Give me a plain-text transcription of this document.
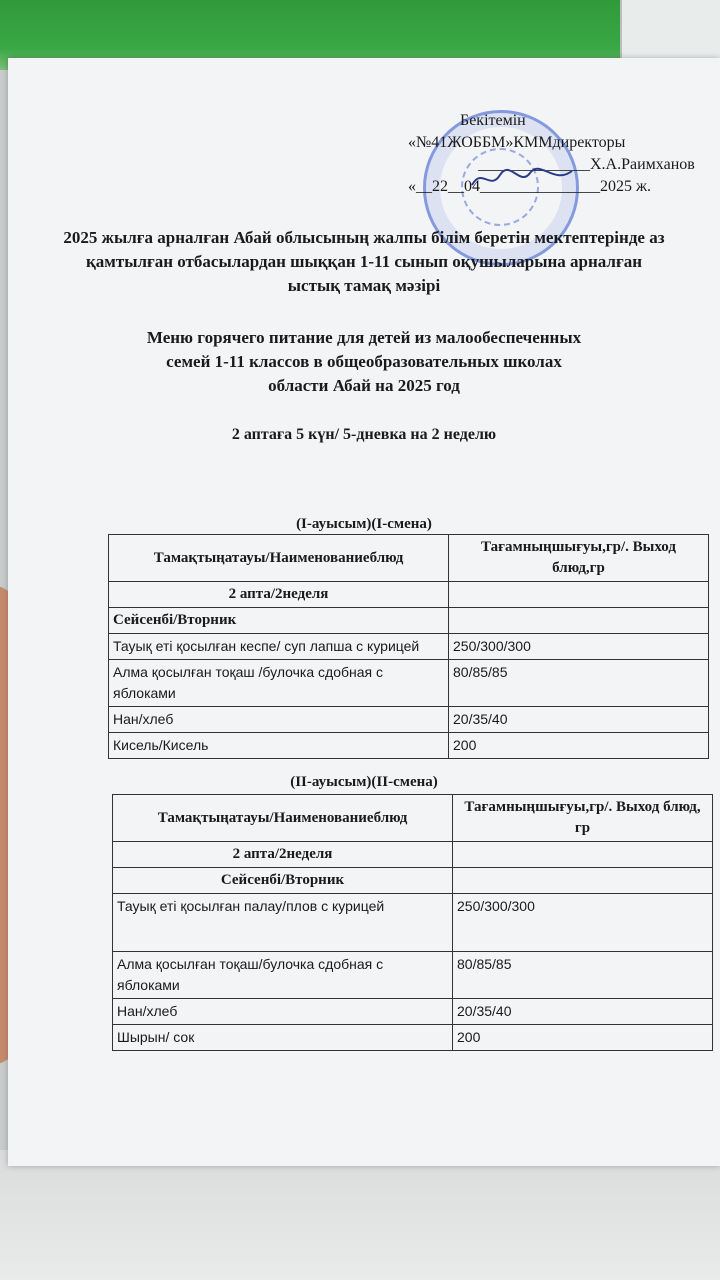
Бекітемін
«№41ЖОББМ»КММдиректоры
______________Х.А.Раимханов
«__22__04_______________2025 ж.
2025 жылға арналған Абай облысының жалпы білім беретін мектептерінде аз
қамтылған отбасылардан шыққан 1-11 сынып оқушыларына арналған
ыстық тамақ мәзірі
Меню горячего питание для детей из малообеспеченных
семей 1-11 классов в общеобразовательных школах
области Абай на 2025 год
2 аптаға 5 күн/ 5-дневка на 2 неделю
(І-ауысым)(І-смена)
Тамақтыңатауы/Наименованиеблюд	Тағамныңшығуы,гр/. Выход блюд,гр
2 апта/2неделя	
Сейсенбі/Вторник	
Тауық еті қосылған кеспе/ суп лапша с курицей	250/300/300
Алма қосылған тоқаш /булочка сдобная с яблоками	80/85/85
Нан/хлеб	20/35/40
Кисель/Кисель	200
(ІІ-ауысым)(ІІ-смена)
Тамақтыңатауы/Наименованиеблюд	Тағамныңшығуы,гр/. Выход блюд, гр
2 апта/2неделя	
Сейсенбі/Вторник	
Тауық еті қосылған палау/плов с курицей	250/300/300
Алма қосылған тоқаш/булочка сдобная с яблоками	80/85/85
Нан/хлеб	20/35/40
Шырын/ сок	200
